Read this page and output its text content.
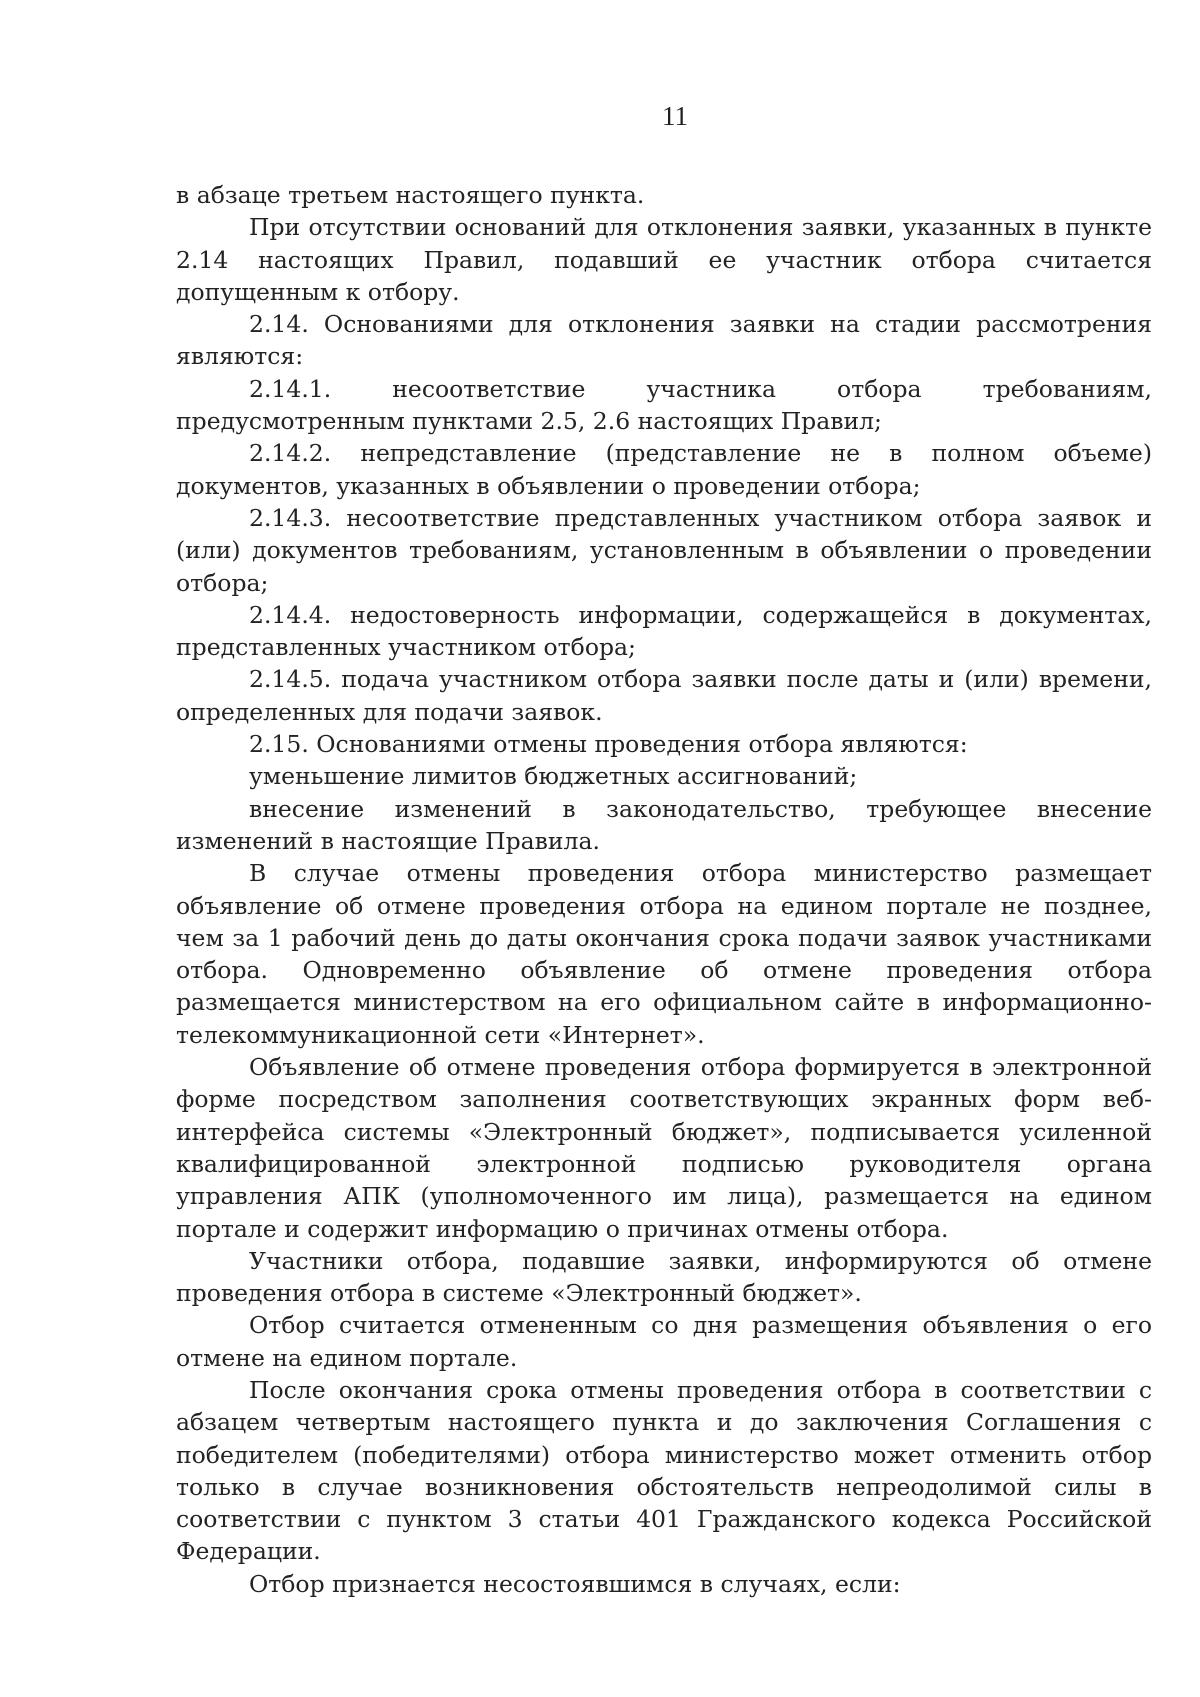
11

в абзаце третьем настоящего пункта.

При отсутствии оснований для отклонения заявки, указанных в пункте 2.14 настоящих Правил, подавший ее участник отбора считается допущенным к отбору.

2.14. Основаниями для отклонения заявки на стадии рассмотрения являются:

2.14.1. несоответствие участника отбора требованиям, предусмотренным пунктами 2.5, 2.6 настоящих Правил;

2.14.2. непредставление (представление не в полном объеме) документов, указанных в объявлении о проведении отбора;

2.14.3. несоответствие представленных участником отбора заявок и (или) документов требованиям, установленным в объявлении о проведении отбора;

2.14.4. недостоверность информации, содержащейся в документах, представленных участником отбора;

2.14.5. подача участником отбора заявки после даты и (или) времени, определенных для подачи заявок.

2.15. Основаниями отмены проведения отбора являются:

уменьшение лимитов бюджетных ассигнований;

внесение изменений в законодательство, требующее внесение изменений в настоящие Правила.

В случае отмены проведения отбора министерство размещает объявление об отмене проведения отбора на едином портале не позднее, чем за 1 рабочий день до даты окончания срока подачи заявок участниками отбора. Одновременно объявление об отмене проведения отбора размещается министерством на его официальном сайте в информационно-телекоммуникационной сети «Интернет».

Объявление об отмене проведения отбора формируется в электронной форме посредством заполнения соответствующих экранных форм веб-интерфейса системы «Электронный бюджет», подписывается усиленной квалифицированной электронной подписью руководителя органа управления АПК (уполномоченного им лица), размещается на едином портале и содержит информацию о причинах отмены отбора.

Участники отбора, подавшие заявки, информируются об отмене проведения отбора в системе «Электронный бюджет».

Отбор считается отмененным со дня размещения объявления о его отмене на едином портале.

После окончания срока отмены проведения отбора в соответствии с абзацем четвертым настоящего пункта и до заключения Соглашения с победителем (победителями) отбора министерство может отменить отбор только в случае возникновения обстоятельств непреодолимой силы в соответствии с пунктом 3 статьи 401 Гражданского кодекса Российской Федерации.

Отбор признается несостоявшимся в случаях, если:
